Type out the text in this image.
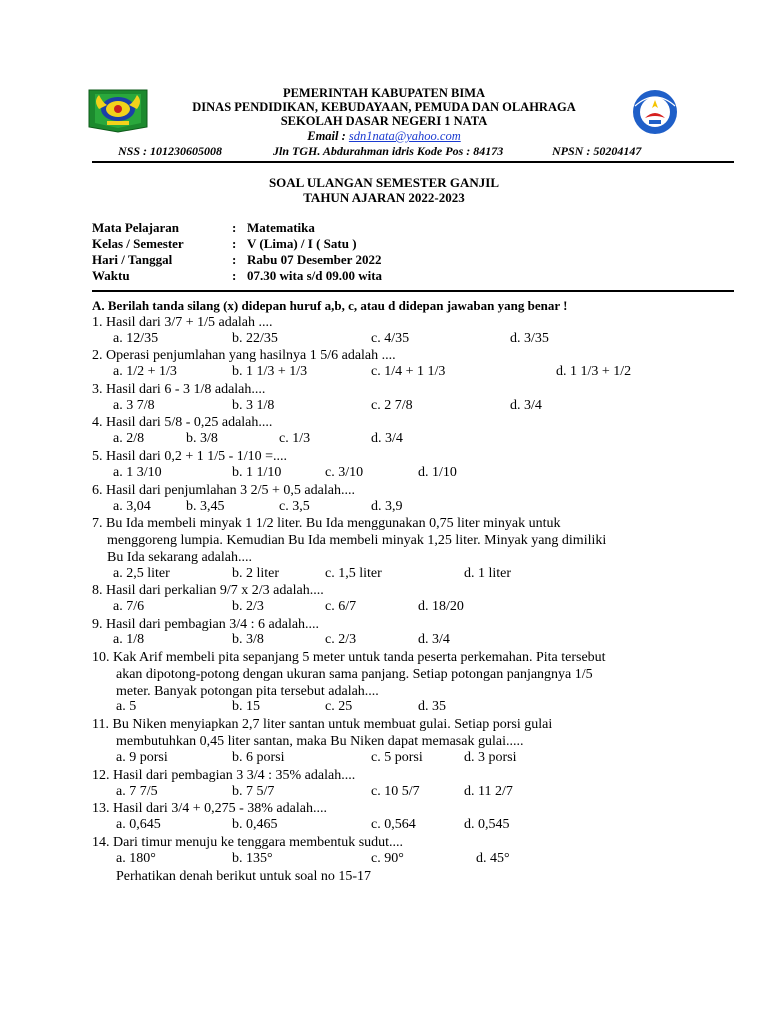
PEMERINTAH KABUPATEN BIMA
DINAS PENDIDIKAN, KEBUDAYAAN, PEMUDA DAN OLAHRAGA
SEKOLAH DASAR NEGERI 1 NATA
Email : sdn1nata@yahoo.com
NSS : 101230605008	Jln TGH. Abdurahman idris Kode Pos : 84173	NPSN : 50204147
SOAL ULANGAN SEMESTER GANJIL
TAHUN AJARAN 2022-2023
Mata Pelajaran	: Matematika
Kelas / Semester	: V (Lima) / I ( Satu )
Hari / Tanggal	: Rabu 07 Desember 2022
Waktu	: 07.30 wita s/d 09.00 wita
A. Berilah tanda silang (x) didepan huruf a,b, c, atau d didepan jawaban yang benar !
1. Hasil dari 3/7 + 1/5 adalah ....
a. 12/35	b. 22/35	c. 4/35	d. 3/35
2. Operasi penjumlahan yang hasilnya 1 5/6 adalah ....
a. 1/2 + 1/3	b. 1 1/3 + 1/3	c. 1/4 + 1 1/3	d. 1 1/3 + 1/2
3. Hasil dari 6 - 3 1/8 adalah....
a. 3 7/8	b. 3 1/8	c. 2 7/8	d. 3/4
4. Hasil dari 5/8 - 0,25 adalah....
a. 2/8	b. 3/8	c. 1/3	d. 3/4
5. Hasil dari 0,2 + 1 1/5 - 1/10 =....
a. 1 3/10	b. 1 1/10	c. 3/10	d. 1/10
6. Hasil dari penjumlahan 3 2/5 + 0,5 adalah....
a. 3,04	b. 3,45	c. 3,5	d. 3,9
7. Bu Ida membeli minyak 1 1/2 liter. Bu Ida menggunakan 0,75 liter minyak untuk
menggoreng lumpia. Kemudian Bu Ida membeli minyak 1,25 liter. Minyak yang dimiliki
Bu Ida sekarang adalah....
a. 2,5 liter	b. 2 liter	c. 1,5 liter	d. 1 liter
8. Hasil dari perkalian 9/7 x 2/3 adalah....
a. 7/6	b. 2/3	c. 6/7	d. 18/20
9. Hasil dari pembagian 3/4 : 6 adalah....
a. 1/8	b. 3/8	c. 2/3	d. 3/4
10. Kak Arif membeli pita sepanjang 5 meter untuk tanda peserta perkemahan. Pita tersebut
akan dipotong-potong dengan ukuran sama panjang. Setiap potongan panjangnya 1/5
meter. Banyak potongan pita tersebut adalah....
a. 5	b. 15	c. 25	d. 35
11. Bu Niken menyiapkan 2,7 liter santan untuk membuat gulai. Setiap porsi gulai
membutuhkan 0,45 liter santan, maka Bu Niken dapat memasak gulai.....
a. 9 porsi	b. 6 porsi	c. 5 porsi	d. 3 porsi
12. Hasil dari pembagian 3 3/4 : 35% adalah....
a. 7 7/5	b. 7 5/7	c. 10 5/7	d. 11 2/7
13. Hasil dari 3/4 + 0,275 - 38% adalah....
a. 0,645	b. 0,465	c. 0,564	d. 0,545
14. Dari timur menuju ke tenggara membentuk sudut....
a. 180°	b. 135°	c. 90°	d. 45°
Perhatikan denah berikut untuk soal no 15-17
